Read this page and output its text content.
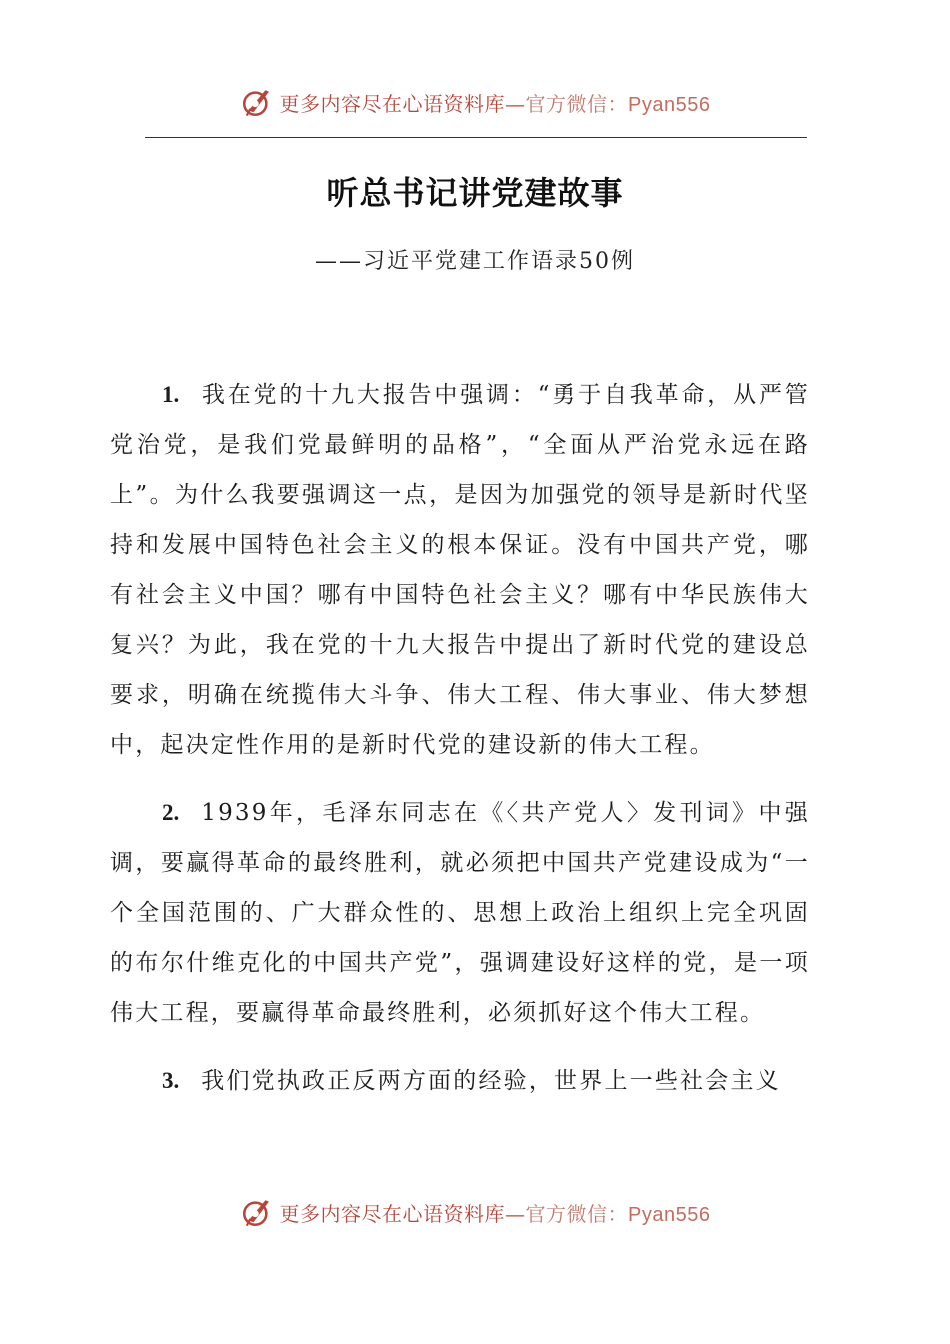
更多内容尽在心语资料库—官方微信：Pyan556
听总书记讲党建故事
——习近平党建工作语录50例

1. 我在党的十九大报告中强调：“勇于自我革命，从严管党治党，是我们党最鲜明的品格”，“全面从严治党永远在路上”。为什么我要强调这一点，是因为加强党的领导是新时代坚持和发展中国特色社会主义的根本保证。没有中国共产党，哪有社会主义中国？哪有中国特色社会主义？哪有中华民族伟大复兴？为此，我在党的十九大报告中提出了新时代党的建设总要求，明确在统揽伟大斗争、伟大工程、伟大事业、伟大梦想中，起决定性作用的是新时代党的建设新的伟大工程。

2. 1939年，毛泽东同志在《〈共产党人〉发刊词》中强调，要赢得革命的最终胜利，就必须把中国共产党建设成为“一个全国范围的、广大群众性的、思想上政治上组织上完全巩固的布尔什维克化的中国共产党”，强调建设好这样的党，是一项伟大工程，要赢得革命最终胜利，必须抓好这个伟大工程。

3. 我们党执政正反两方面的经验，世界上一些社会主义

更多内容尽在心语资料库—官方微信：Pyan556
